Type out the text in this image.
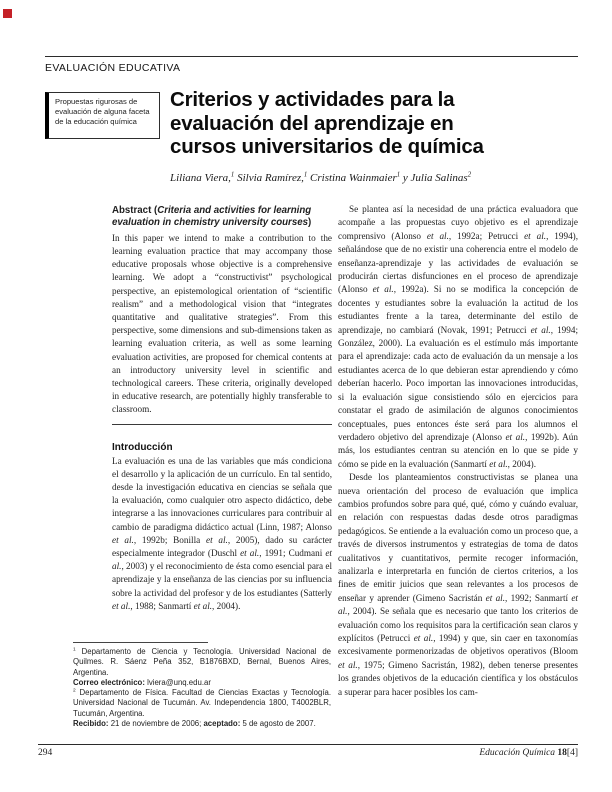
EVALUACIÓN EDUCATIVA
Propuestas rigurosas de evaluación de alguna faceta de la educación química
Criterios y actividades para la
evaluación del aprendizaje en
cursos universitarios de química
Liliana Viera,$^1$ Silvia Ramírez,$^1$ Cristina Wainmaier$^1$ y Julia Salinas$^2$
Abstract (Criteria and activities for learning evaluation in chemistry university courses)

In this paper we intend to make a contribution to the learning evaluation practice that may accompany those educative proposals whose objective is a comprehensive learning. We adopt a “constructivist” psychological perspective, an epistemological orientation of “scientific realism” and a methodological vision that “integrates quantitative and qualitative strategies”. From this perspective, some dimensions and sub-dimensions taken as learning evaluation criteria, as well as some learning evaluation activities, are proposed for chemical contents at an introductory university level in scientific and technological careers. These criteria, originally developed in educative research, are potentially highly transferable to classroom.

Introducción

La evaluación es una de las variables que más condiciona el desarrollo y la aplicación de un currículo. En tal sentido, desde la investigación educativa en ciencias se señala que la evaluación, como cualquier otro aspecto didáctico, debe integrarse a las innovaciones curriculares para contribuir al cambio de paradigma didáctico actual (Linn, 1987; Alonso et al., 1992b; Bonilla et al., 2005), dado su carácter especialmente integrador (Duschl et al., 1991; Cudmani et al., 2003) y el reconocimiento de ésta como esencial para el aprendizaje y la enseñanza de las ciencias por su influencia sobre la actividad del profesor y de los estudiantes (Satterly et al., 1988; Sanmartí et al., 2004).

Se plantea así la necesidad de una práctica evaluadora que acompañe a las propuestas cuyo objetivo es el aprendizaje comprensivo (Alonso et al., 1992a; Petrucci et al., 1994), señalándose que de no existir una coherencia entre el modelo de enseñanza-aprendizaje y las actividades de evaluación se producirán ciertas disfunciones en el proceso de aprendizaje (Alonso et al., 1992a). Si no se modifica la concepción de docentes y estudiantes sobre la evaluación la actitud de los estudiantes frente a la tarea, determinante del estilo de aprendizaje, no cambiará (Novak, 1991; Petrucci et al., 1994; González, 2000). La evaluación es el estímulo más importante para el aprendizaje: cada acto de evaluación da un mensaje a los estudiantes acerca de lo que debieran estar aprendiendo y cómo deberían hacerlo. Poco importan las innovaciones introducidas, si la evaluación sigue consistiendo sólo en ejercicios para constatar el grado de asimilación de algunos conocimientos conceptuales, pues entonces éste será para los alumnos el verdadero objetivo del aprendizaje (Alonso et al., 1992b). Aún más, los estudiantes centran su atención en lo que se pide y cómo se pide en la evaluación (Sanmartí et al., 2004).

Desde los planteamientos constructivistas se planea una nueva orientación del proceso de evaluación que implica cambios profundos sobre para qué, qué, cómo y cuándo evaluar, en relación con respuestas dadas desde otros paradigmas pedagógicos. Se entiende a la evaluación como un proceso que, a través de diversos instrumentos y estrategias de toma de datos cualitativos y cuantitativos, permite recoger información, analizarla e interpretarla en función de ciertos criterios, a los fines de emitir juicios que sean relevantes a los procesos de enseñar y aprender (Gimeno Sacristán et al., 1992; Sanmartí et al., 2004). Se señala que es necesario que tanto los criterios de evaluación como los requisitos para la certificación sean claros y explícitos (Petrucci et al., 1994) y que, sin caer en taxonomías excesivamente pormenorizadas de objetivos operativos (Bloom et al., 1975; Gimeno Sacristán, 1982), deben tenerse presentes los grandes objetivos de la educación científica y los obstáculos a superar para hacer posibles los cam-

$^1$ Departamento de Ciencia y Tecnología. Universidad Nacional de Quilmes. R. Sáenz Peña 352, B1876BXD, Bernal, Buenos Aires, Argentina.

Correo electrónico: lviera@unq.edu.ar

$^2$ Departamento de Física. Facultad de Ciencias Exactas y Tecnología. Universidad Nacional de Tucumán. Av. Independencia 1800, T4002BLR, Tucumán, Argentina.

Recibido: 21 de noviembre de 2006; aceptado: 5 de agosto de 2007.

294	Educación Química 18[4]
